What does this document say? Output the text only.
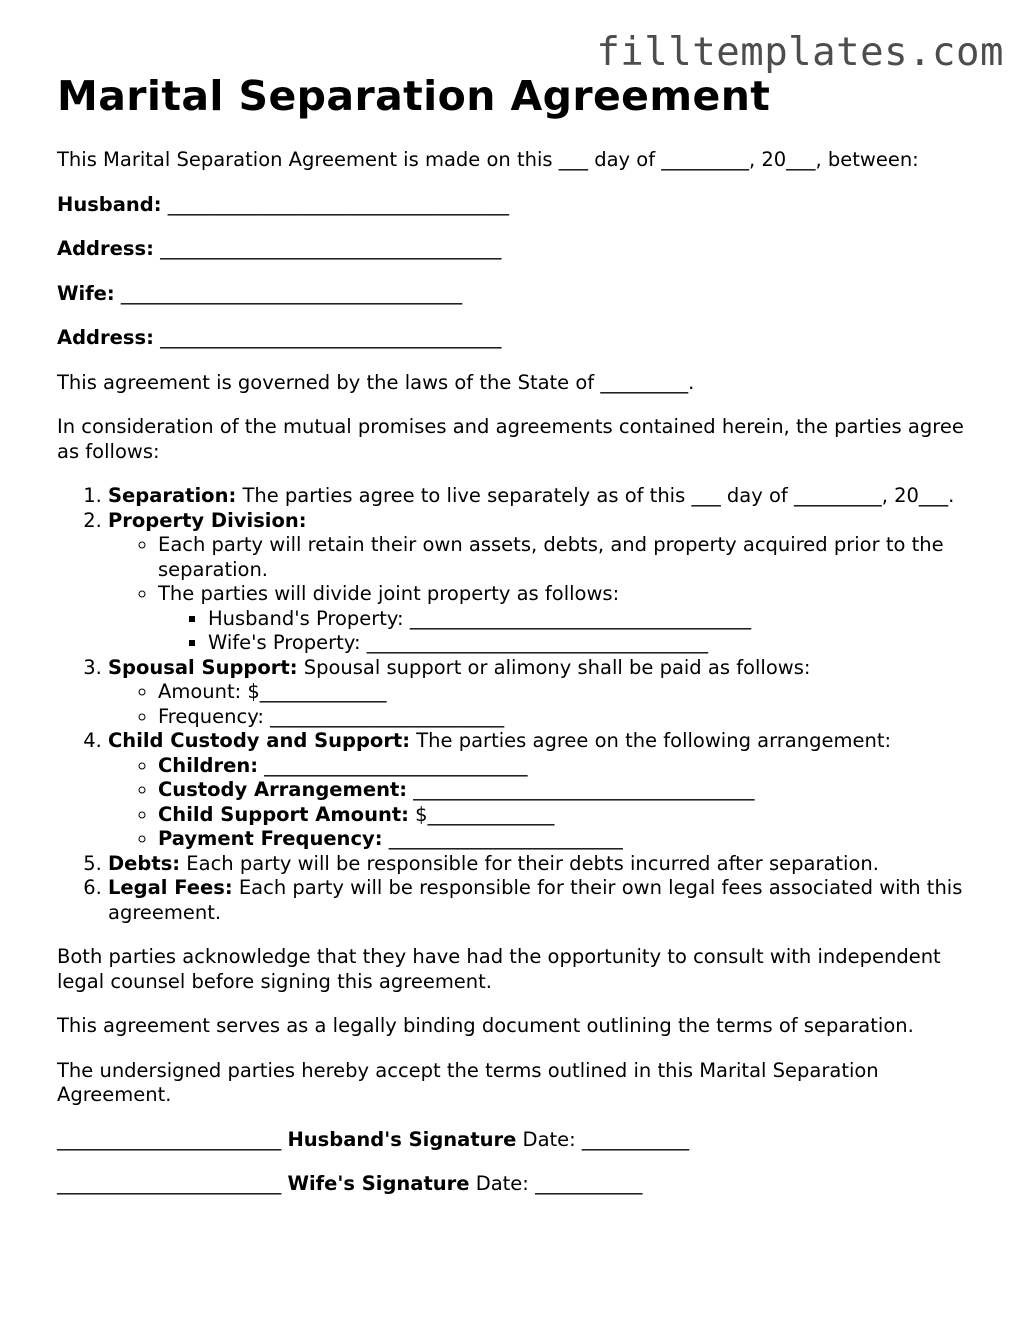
filltemplates.com
Marital Separation Agreement

This Marital Separation Agreement is made on this ___ day of _________, 20___, between:

Husband: ___________________________________

Address: ___________________________________

Wife: ___________________________________

Address: ___________________________________

This agreement is governed by the laws of the State of _________.

In consideration of the mutual promises and agreements contained herein, the parties agree as follows:

1. Separation: The parties agree to live separately as of this ___ day of _________, 20___.
2. Property Division:
◦ Each party will retain their own assets, debts, and property acquired prior to the separation.
◦ The parties will divide joint property as follows:
▪ Husband's Property: ___________________________________
▪ Wife's Property: ___________________________________
3. Spousal Support: Spousal support or alimony shall be paid as follows:
◦ Amount: $_____________
◦ Frequency: ________________________
4. Child Custody and Support: The parties agree on the following arrangement:
◦ Children: ___________________________
◦ Custody Arrangement: ___________________________________
◦ Child Support Amount: $_____________
◦ Payment Frequency: ________________________
5. Debts: Each party will be responsible for their debts incurred after separation.
6. Legal Fees: Each party will be responsible for their own legal fees associated with this agreement.

Both parties acknowledge that they have had the opportunity to consult with independent legal counsel before signing this agreement.

This agreement serves as a legally binding document outlining the terms of separation.

The undersigned parties hereby accept the terms outlined in this Marital Separation Agreement.

_______________________ Husband's Signature Date: ___________

_______________________ Wife's Signature Date: ___________
